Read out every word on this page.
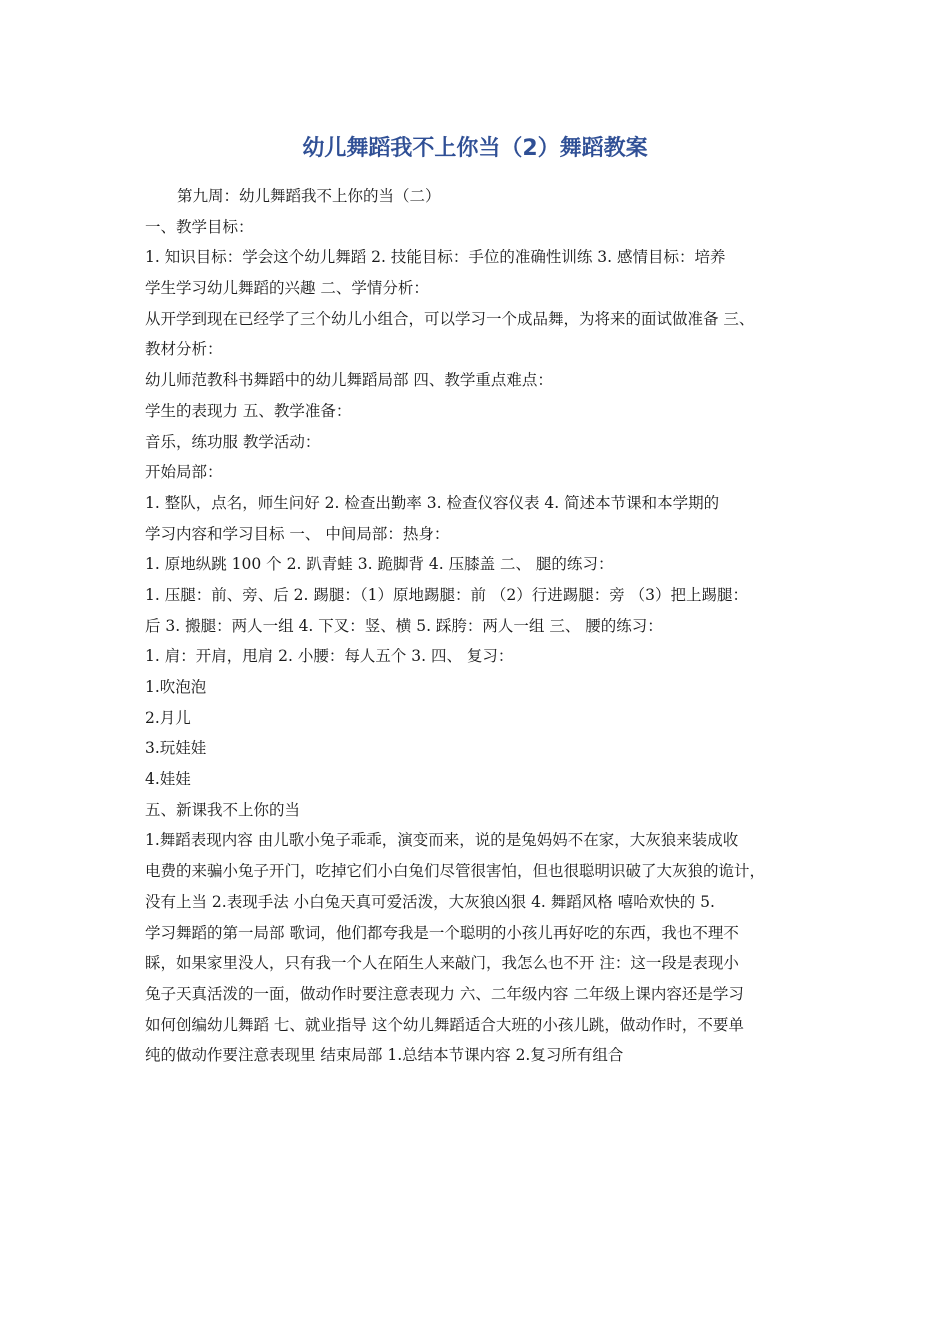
幼儿舞蹈我不上你当（2）舞蹈教案
第九周：幼儿舞蹈我不上你的当（二）
一、教学目标：
1. 知识目标：学会这个幼儿舞蹈 2. 技能目标：手位的准确性训练 3. 感情目标：培养
学生学习幼儿舞蹈的兴趣 二、学情分析：
从开学到现在已经学了三个幼儿小组合，可以学习一个成品舞，为将来的面试做准备 三、
教材分析：
幼儿师范教科书舞蹈中的幼儿舞蹈局部 四、教学重点难点：
学生的表现力 五、教学准备：
音乐，练功服 教学活动：
开始局部：
1. 整队，点名，师生问好 2. 检查出勤率 3. 检查仪容仪表 4. 简述本节课和本学期的
学习内容和学习目标 一、 中间局部：热身：
1. 原地纵跳 100 个 2. 趴青蛙 3. 跪脚背 4. 压膝盖 二、 腿的练习：
1. 压腿：前、旁、后 2. 踢腿：（1）原地踢腿：前 （2）行进踢腿：旁 （3）把上踢腿：
后 3. 搬腿：两人一组 4. 下叉：竖、横 5. 踩胯：两人一组 三、 腰的练习：
1. 肩：开肩，甩肩 2. 小腰：每人五个 3. 四、 复习：
1.吹泡泡
2.月儿
3.玩娃娃
4.娃娃
五、新课我不上你的当
1.舞蹈表现内容 由儿歌小兔子乖乖，演变而来，说的是兔妈妈不在家，大灰狼来装成收
电费的来骗小兔子开门，吃掉它们小白兔们尽管很害怕，但也很聪明识破了大灰狼的诡计，
没有上当 2.表现手法 小白兔天真可爱活泼，大灰狼凶狠 4. 舞蹈风格 嘻哈欢快的 5.
学习舞蹈的第一局部 歌词，他们都夸我是一个聪明的小孩儿再好吃的东西，我也不理不
睬，如果家里没人，只有我一个人在陌生人来敲门，我怎么也不开 注：这一段是表现小
兔子天真活泼的一面，做动作时要注意表现力 六、二年级内容 二年级上课内容还是学习
如何创编幼儿舞蹈 七、就业指导 这个幼儿舞蹈适合大班的小孩儿跳，做动作时，不要单
纯的做动作要注意表现里 结束局部 1.总结本节课内容 2.复习所有组合
